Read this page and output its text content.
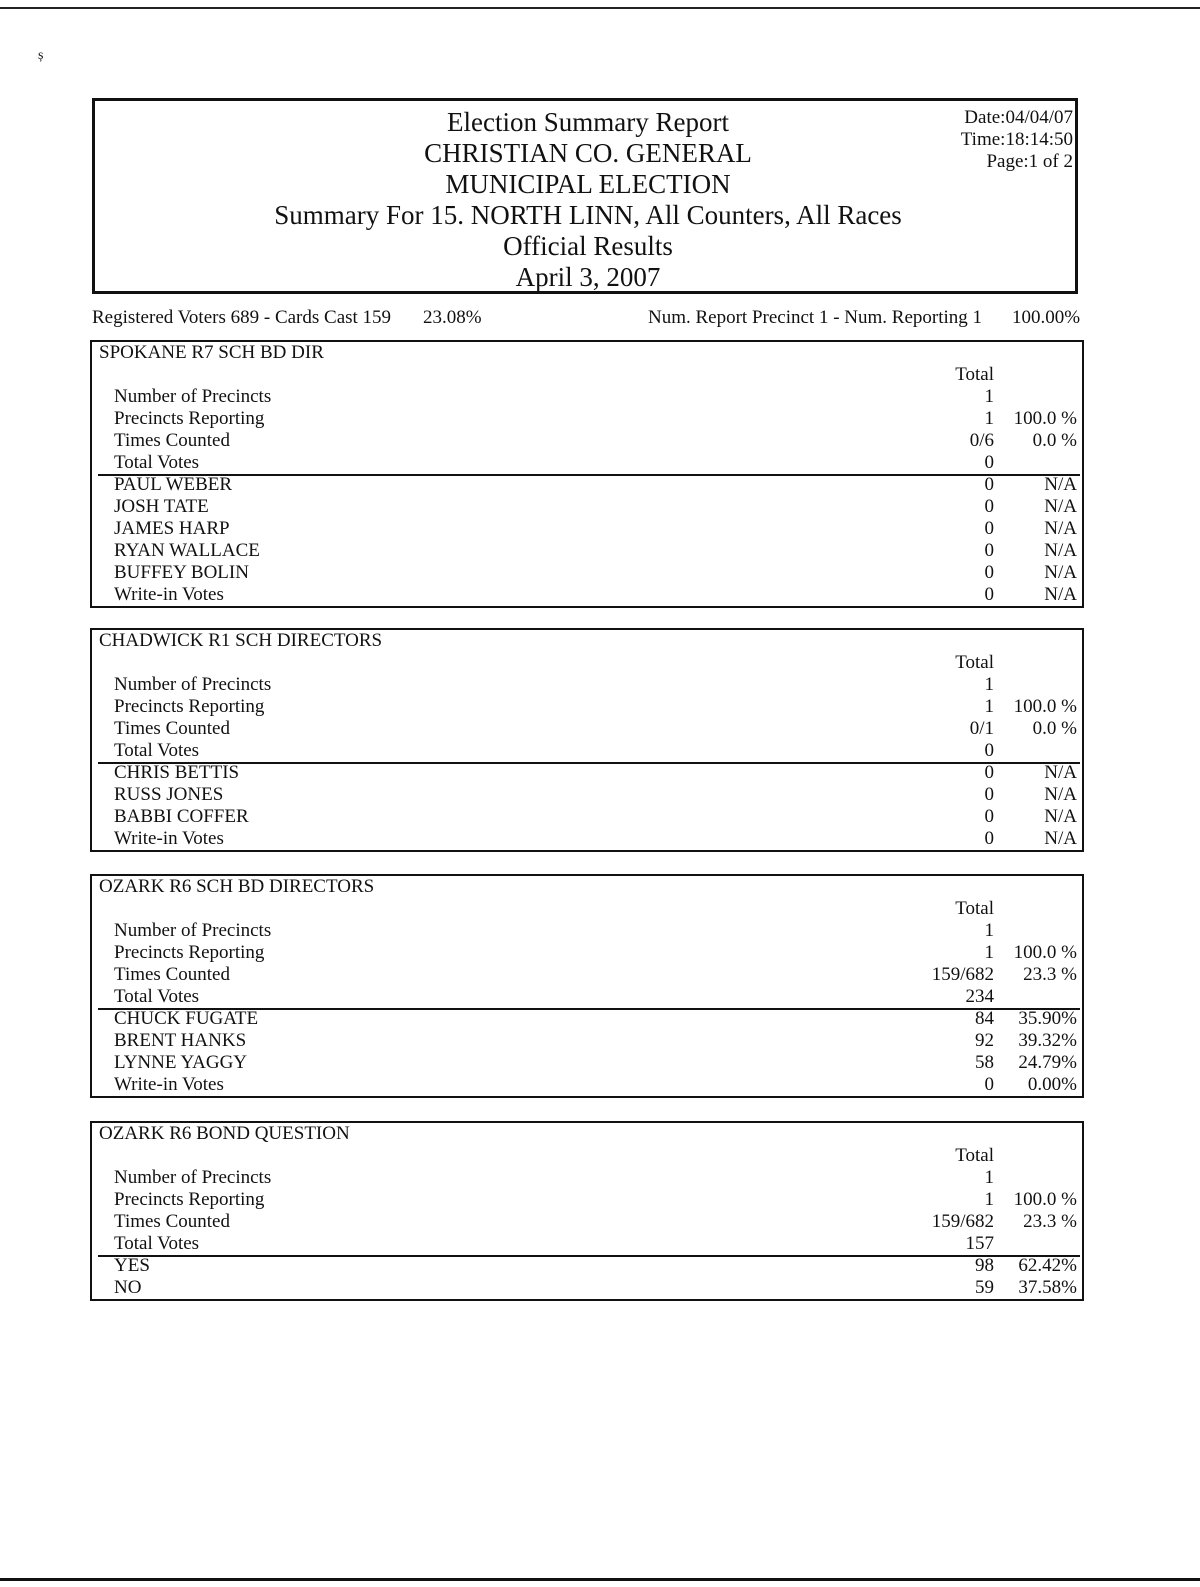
ș
Election Summary Report
CHRISTIAN CO. GENERAL
MUNICIPAL ELECTION
Summary For 15. NORTH LINN, All Counters, All Races
Official Results
April 3, 2007
Date:04/04/07
Time:18:14:50
Page:1 of 2
Registered Voters 689 - Cards Cast 159 23.08%	Num. Report Precinct 1 - Num. Reporting 1 100.00%
SPOKANE R7 SCH BD DIR
Total
Number of Precincts	1
Precincts Reporting	1 100.0 %
Times Counted	0/6 0.0 %
Total Votes	0
PAUL WEBER	0	N/A
JOSH TATE	0	N/A
JAMES HARP	0	N/A
RYAN WALLACE	0	N/A
BUFFEY BOLIN	0	N/A
Write-in Votes	0	N/A
CHADWICK R1 SCH DIRECTORS
Total
Number of Precincts	1
Precincts Reporting	1 100.0 %
Times Counted	0/1 0.0 %
Total Votes	0
CHRIS BETTIS	0	N/A
RUSS JONES	0	N/A
BABBI COFFER	0	N/A
Write-in Votes	0	N/A
OZARK R6 SCH BD DIRECTORS
Total
Number of Precincts	1
Precincts Reporting	1 100.0 %
Times Counted	159/682 23.3 %
Total Votes	234
CHUCK FUGATE	84 35.90%
BRENT HANKS	92 39.32%
LYNNE YAGGY	58 24.79%
Write-in Votes	0 0.00%
OZARK R6 BOND QUESTION
Total
Number of Precincts	1
Precincts Reporting	1 100.0 %
Times Counted	159/682 23.3 %
Total Votes	157
YES	98 62.42%
NO	59 37.58%
